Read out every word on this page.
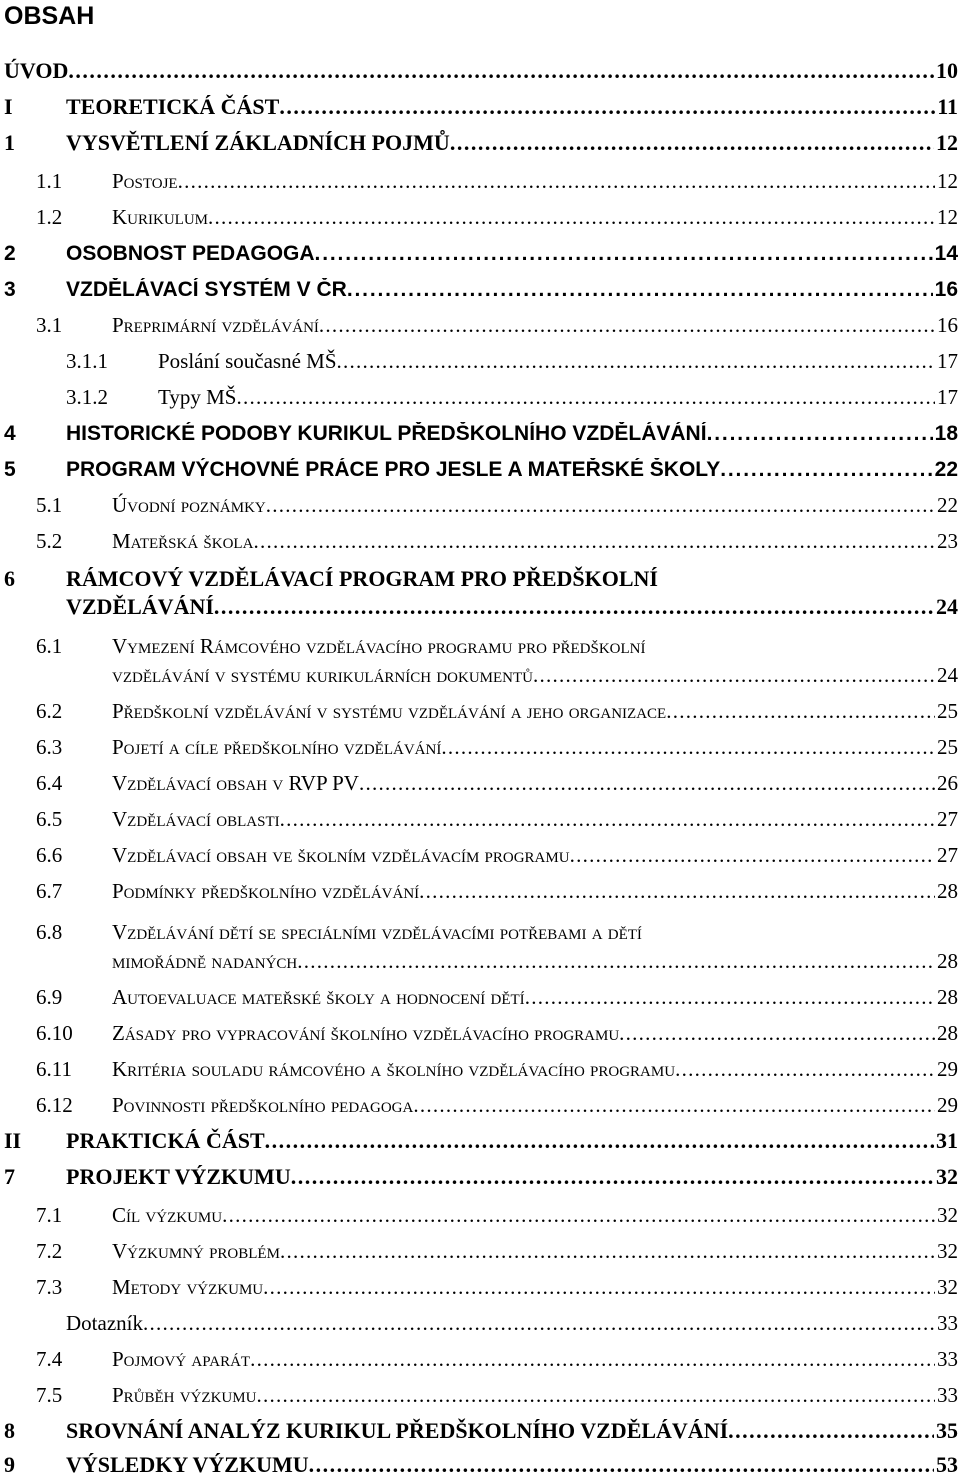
OBSAH
ÚVOD . . .	10
I TEORETICKÁ ČÁST . . .	11
1 VYSVĚTLENÍ ZÁKLADNÍCH POJMŮ . . .	12
1.1 Postoje . . .	12
1.2 Kurikulum . . .	12
2 OSOBNOST PEDAGOGA . . .	14
3 VZDĚLÁVACÍ SYSTÉM V ČR . . .	16
3.1 Preprimární vzdělávání . . .	16
3.1.1 Poslání současné MŠ . . .	17
3.1.2 Typy MŠ . . .	17
4 HISTORICKÉ PODOBY KURIKUL PŘEDŠKOLNÍHO VZDĚLÁVÁNÍ . . .	18
5 PROGRAM VÝCHOVNÉ PRÁCE PRO JESLE A MATEŘSKÉ ŠKOLY . . .	22
5.1 Úvodní poznámky . . .	22
5.2 Mateřská škola . . .	23
6 RÁMCOVÝ VZDĚLÁVACÍ PROGRAM PRO PŘEDŠKOLNÍ
VZDĚLÁVÁNÍ . . .	24
6.1 Vymezení Rámcového vzdělávacího programu pro předškolní
vzdělávání v systému kurikulárních dokumentů . . .	24
6.2 Předškolní vzdělávání v systému vzdělávání a jeho organizace . . .	25
6.3 Pojetí a cíle předškolního vzdělávání . . .	25
6.4 Vzdělávací obsah v RVP PV . . .	26
6.5 Vzdělávací oblasti . . .	27
6.6 Vzdělávací obsah ve školním vzdělávacím programu . . .	27
6.7 Podmínky předškolního vzdělávání . . .	28
6.8 Vzdělávání dětí se speciálními vzdělávacími potřebami a dětí
mimořádně nadaných . . .	28
6.9 Autoevaluace mateřské školy a hodnocení dětí . . .	28
6.10 Zásady pro vypracování školního vzdělávacího programu . . .	28
6.11 Kritéria souladu rámcového a školního vzdělávacího programu . . .	29
6.12 Povinnosti předškolního pedagoga . . .	29
II PRAKTICKÁ ČÁST . . .	31
7 PROJEKT VÝZKUMU . . .	32
7.1 Cíl výzkumu . . .	32
7.2 Výzkumný problém . . .	32
7.3 Metody výzkumu . . .	32
Dotazník . . .	33
7.4 Pojmový aparát . . .	33
7.5 Průběh výzkumu . . .	33
8 SROVNÁNÍ ANALÝZ KURIKUL PŘEDŠKOLNÍHO VZDĚLÁVÁNÍ . . .	35
9 VÝSLEDKY VÝZKUMU . . .	53
